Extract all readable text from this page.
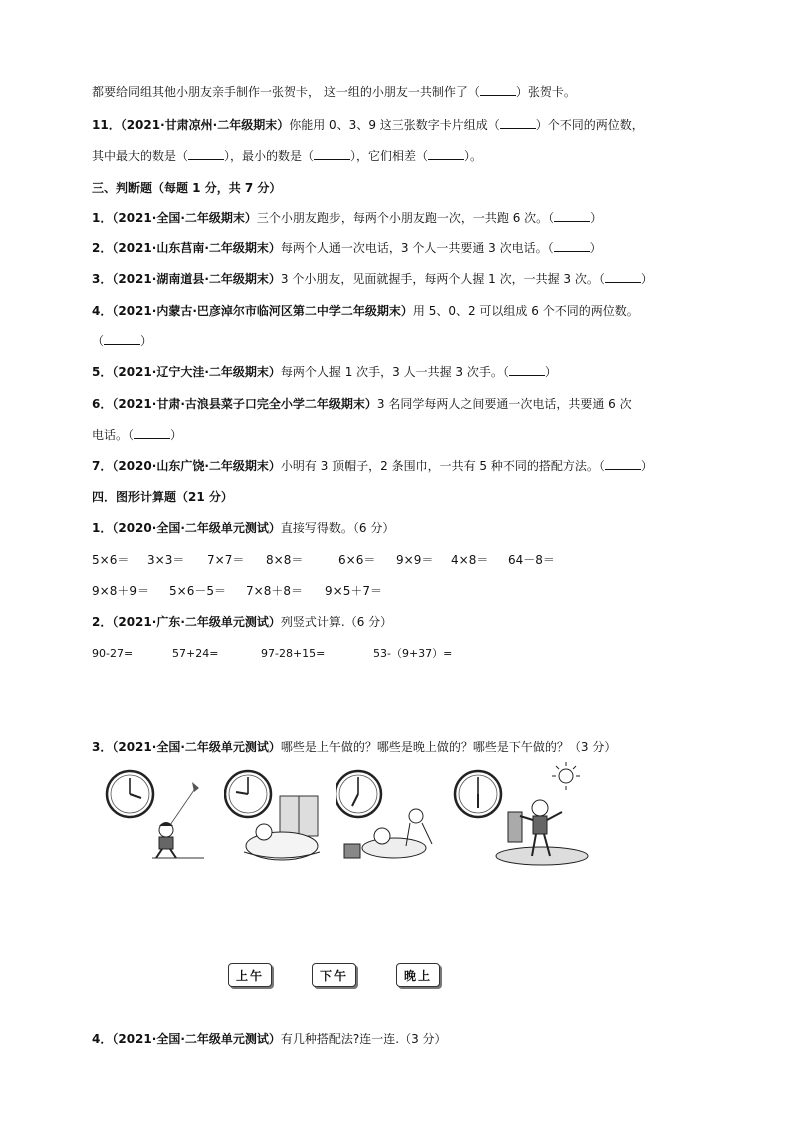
都要给同组其他小朋友亲手制作一张贺卡， 这一组的小朋友一共制作了（	）张贺卡。
11．（2021·甘肃凉州·二年级期末）你能用 0、3、9 这三张数字卡片组成（	）个不同的两位数，
其中最大的数是（	），最小的数是（	），它们相差（	）。
三、判断题（每题 1 分，共 7 分）
1．（2021·全国·二年级期末）三个小朋友跑步，每两个小朋友跑一次，一共跑 6 次。（	）
2．（2021·山东莒南·二年级期末）每两个人通一次电话，3 个人一共要通 3 次电话。（	）
3．（2021·湖南道县·二年级期末）3 个小朋友，见面就握手，每两个人握 1 次，一共握 3 次。（	）
4．（2021·内蒙古·巴彦淖尔市临河区第二中学二年级期末）用 5、0、2 可以组成 6 个不同的两位数。
（	）
5．（2021·辽宁大洼·二年级期末）每两个人握 1 次手，3 人一共握 3 次手。（	）
6．（2021·甘肃·古浪县菜子口完全小学二年级期末）3 名同学每两人之间要通一次电话，共要通 6 次
电话。（	）
7．（2020·山东广饶·二年级期末）小明有 3 顶帽子，2 条围巾，一共有 5 种不同的搭配方法。（	）
四．图形计算题（21 分）
1．（2020·全国·二年级单元测试）直接写得数。（6 分）
5×6＝ 3×3＝ 7×7＝ 8×8＝	6×6＝ 9×9＝ 4×8＝ 64－8＝
9×8＋9＝ 5×6－5＝ 7×8＋8＝ 9×5＋7＝
2．（2021·广东·二年级单元测试）列竖式计算.（6 分）
90-27=	57+24=	97-28+15=	53-（9+37）=
3．（2021·全国·二年级单元测试）哪些是上午做的？哪些是晚上做的？哪些是下午做的？（3 分）
上午	下午	晚上
4．（2021·全国·二年级单元测试）有几种搭配法?连一连.（3 分）
